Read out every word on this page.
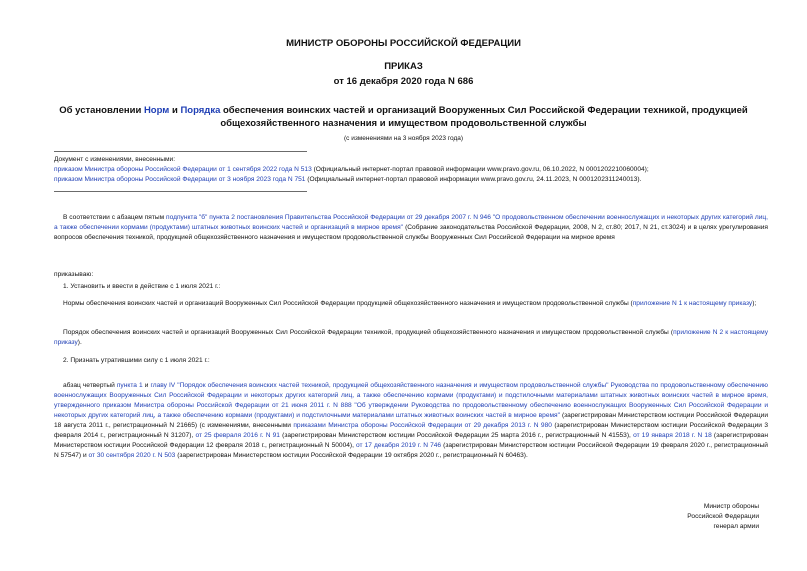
МИНИСТР ОБОРОНЫ РОССИЙСКОЙ ФЕДЕРАЦИИ
ПРИКАЗ
от 16 декабря 2020 года N 686
Об установлении Норм и Порядка обеспечения воинских частей и организаций Вооруженных Сил Российской Федерации техникой, продукцией общехозяйственного назначения и имуществом продовольственной службы
(с изменениями на 3 ноября 2023 года)
Документ с изменениями, внесенными:
приказом Министра обороны Российской Федерации от 1 сентября 2022 года N 513 (Официальный интернет-портал правовой информации www.pravo.gov.ru, 06.10.2022, N 0001202210060004);
приказом Министра обороны Российской Федерации от 3 ноября 2023 года N 751 (Официальный интернет-портал правовой информации www.pravo.gov.ru, 24.11.2023, N 0001202311240013).
В соответствии с абзацем пятым подпункта "б" пункта 2 постановления Правительства Российской Федерации от 29 декабря 2007 г. N 946 "О продовольственном обеспечении военнослужащих и некоторых других категорий лиц, а также обеспечении кормами (продуктами) штатных животных воинских частей и организаций в мирное время" (Собрание законодательства Российской Федерации, 2008, N 2, ст.80; 2017, N 21, ст.3024) и в целях урегулирования вопросов обеспечения техникой, продукцией общехозяйственного назначения и имуществом продовольственной службы Вооруженных Сил Российской Федерации на мирное время
приказываю:
1. Установить и ввести в действие с 1 июля 2021 г.:
Нормы обеспечения воинских частей и организаций Вооруженных Сил Российской Федерации продукцией общехозяйственного назначения и имуществом продовольственной службы (приложение N 1 к настоящему приказу);
Порядок обеспечения воинских частей и организаций Вооруженных Сил Российской Федерации техникой, продукцией общехозяйственного назначения и имуществом продовольственной службы (приложение N 2 к настоящему приказу).
2. Признать утратившими силу с 1 июля 2021 г.:
абзац четвертый пункта 1 и главу IV "Порядок обеспечения воинских частей техникой, продукцией общехозяйственного назначения и имуществом продовольственной службы" Руководства по продовольственному обеспечению военнослужащих Вооруженных Сил Российской Федерации и некоторых других категорий лиц, а также обеспечению кормами (продуктами) и подстилочными материалами штатных животных воинских частей в мирное время, утвержденного приказом Министра обороны Российской Федерации от 21 июня 2011 г. N 888 "Об утверждении Руководства по продовольственному обеспечению военнослужащих Вооруженных Сил Российской Федерации и некоторых других категорий лиц, а также обеспечению кормами (продуктами) и подстилочными материалами штатных животных воинских частей в мирное время" (зарегистрирован Министерством юстиции Российской Федерации 18 августа 2011 г., регистрационный N 21665) (с изменениями, внесенными приказами Министра обороны Российской Федерации от 29 декабря 2013 г. N 980 (зарегистрирован Министерством юстиции Российской Федерации 3 февраля 2014 г., регистрационный N 31207), от 25 февраля 2016 г. N 91 (зарегистрирован Министерством юстиции Российской Федерации 25 марта 2016 г., регистрационный N 41553), от 19 января 2018 г. N 18 (зарегистрирован Министерством юстиции Российской Федерации 12 февраля 2018 г., регистрационный N 50004), от 17 декабря 2019 г. N 746 (зарегистрирован Министерством юстиции Российской Федерации 19 февраля 2020 г., регистрационный N 57547) и от 30 сентября 2020 г. N 503 (зарегистрирован Министерством юстиции Российской Федерации 19 октября 2020 г., регистрационный N 60463).
Министр обороны
Российской Федерации
генерал армии
